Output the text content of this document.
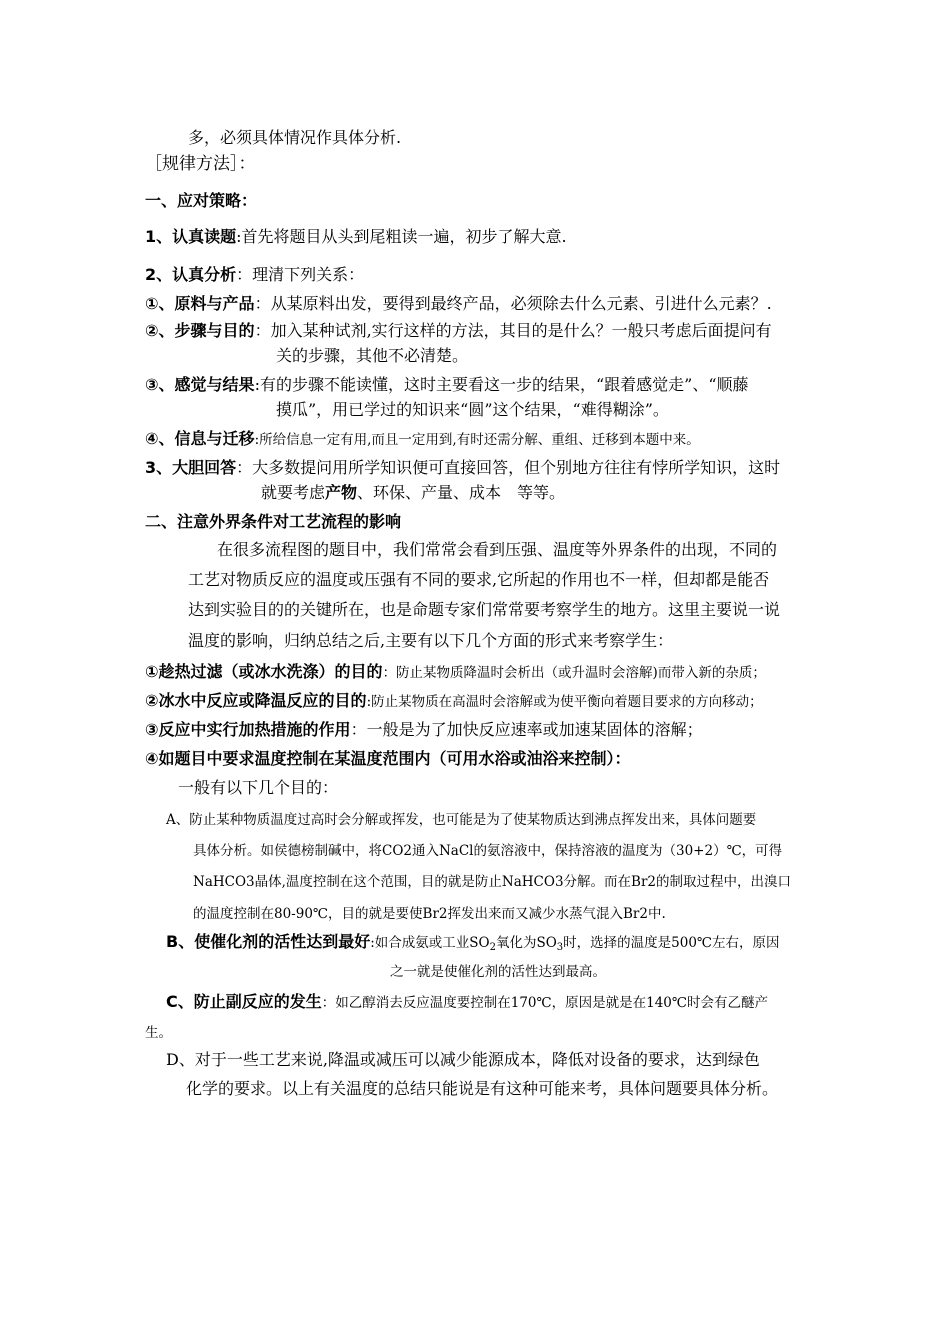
多，必须具体情况作具体分析.
［规律方法］：
一、应对策略：
1、认真读题:首先将题目从头到尾粗读一遍，初步了解大意.
2、认真分析：理清下列关系：
①、原料与产品：从某原料出发，要得到最终产品，必须除去什么元素、引进什么元素？.
②、步骤与目的：加入某种试剂,实行这样的方法，其目的是什么？一般只考虑后面提问有
关的步骤，其他不必清楚。
③、感觉与结果:有的步骤不能读懂，这时主要看这一步的结果，“跟着感觉走”、“顺藤
摸瓜”，用已学过的知识来“圆”这个结果，“难得糊涂”。
④、信息与迁移:所给信息一定有用,而且一定用到,有时还需分解、重组、迁移到本题中来。
3、大胆回答：大多数提问用所学知识便可直接回答，但个别地方往往有悖所学知识，这时
就要考虑产物、环保、产量、成本　等等。
二、注意外界条件对工艺流程的影响
在很多流程图的题目中，我们常常会看到压强、温度等外界条件的出现，不同的
工艺对物质反应的温度或压强有不同的要求,它所起的作用也不一样，但却都是能否
达到实验目的的关键所在，也是命题专家们常常要考察学生的地方。这里主要说一说
温度的影响，归纳总结之后,主要有以下几个方面的形式来考察学生：
①趁热过滤（或冰水洗涤）的目的：防止某物质降温时会析出（或升温时会溶解)而带入新的杂质；
②冰水中反应或降温反应的目的:防止某物质在高温时会溶解或为使平衡向着题目要求的方向移动；
③反应中实行加热措施的作用：一般是为了加快反应速率或加速某固体的溶解；
④如题目中要求温度控制在某温度范围内（可用水浴或油浴来控制）：
一般有以下几个目的：
A、防止某种物质温度过高时会分解或挥发，也可能是为了使某物质达到沸点挥发出来，具体问题要
具体分析。如侯德榜制碱中，将CO2通入NaCl的氨溶液中，保持溶液的温度为（30+2）℃，可得
NaHCO3晶体,温度控制在这个范围，目的就是防止NaHCO3分解。而在Br2的制取过程中，出溴口
的温度控制在80-90℃，目的就是要使Br2挥发出来而又减少水蒸气混入Br2中.
B、使催化剂的活性达到最好:如合成氨或工业$SO_2$氧化为$SO_3$时，选择的温度是500℃左右，原因
之一就是使催化剂的活性达到最高。
C、防止副反应的发生：如乙醇消去反应温度要控制在170℃，原因是就是在140℃时会有乙醚产
生。
D、对于一些工艺来说,降温或减压可以减少能源成本，降低对设备的要求，达到绿色
化学的要求。以上有关温度的总结只能说是有这种可能来考，具体问题要具体分析。
